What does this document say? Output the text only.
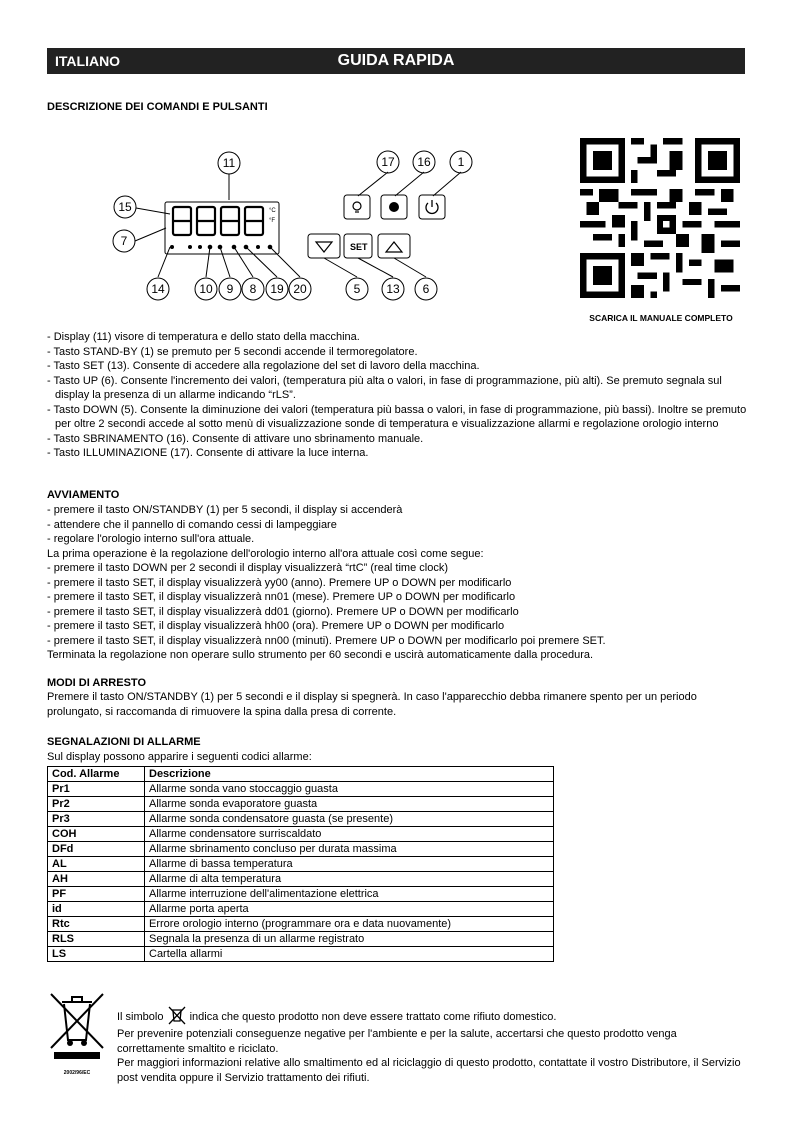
ITALIANO	GUIDA RAPIDA
DESCRIZIONE DEI COMANDI E PULSANTI
°C
°F
SET
11	17 16 1
15
7
14	10 9 8 19 20	5 13 6
SCARICA IL MANUALE COMPLETO
- Display (11) visore di temperatura e dello stato della macchina.
- Tasto STAND-BY (1) se premuto per 5 secondi accende il termoregolatore.
- Tasto SET (13). Consente di accedere alla regolazione del set di lavoro della macchina.
- Tasto UP (6). Consente l'incremento dei valori, (temperatura più alta o valori, in fase di programmazione, più alti). Se premuto segnala sul display la presenza di un allarme indicando “rLS”.
- Tasto DOWN (5). Consente la diminuzione dei valori (temperatura più bassa o valori, in fase di programmazione, più bassi). Inoltre se premuto per oltre 2 secondi accede al sotto menù di visualizzazione sonde di temperatura e visualizzazione allarmi e regolazione orologio interno
- Tasto SBRINAMENTO (16). Consente di attivare uno sbrinamento manuale.
- Tasto ILLUMINAZIONE (17). Consente di attivare la luce interna.
AVVIAMENTO
- premere il tasto ON/STANDBY (1) per 5 secondi, il display si accenderà
- attendere che il pannello di comando cessi di lampeggiare
- regolare l'orologio interno sull'ora attuale.
La prima operazione è la regolazione dell'orologio interno all'ora attuale così come segue:
- premere il tasto DOWN per 2 secondi il display visualizzerà “rtC” (real time clock)
- premere il tasto SET, il display visualizzerà yy00 (anno). Premere UP o DOWN per modificarlo
- premere il tasto SET, il display visualizzerà nn01 (mese). Premere UP o DOWN per modificarlo
- premere il tasto SET, il display visualizzerà dd01 (giorno). Premere UP o DOWN per modificarlo
- premere il tasto SET, il display visualizzerà hh00 (ora). Premere UP o DOWN per modificarlo
- premere il tasto SET, il display visualizzerà nn00 (minuti). Premere UP o DOWN per modificarlo poi premere SET.
Terminata la regolazione non operare sullo strumento per 60 secondi e uscirà automaticamente dalla procedura.
MODI DI ARRESTO
Premere il tasto ON/STANDBY (1) per 5 secondi e il display si spegnerà. In caso l'apparecchio debba rimanere spento per un periodo prolungato, si raccomanda di rimuovere la spina dalla presa di corrente.
SEGNALAZIONI DI ALLARME
Sul display possono apparire i seguenti codici allarme:
Cod. Allarme	Descrizione
Pr1	Allarme sonda vano stoccaggio guasta
Pr2	Allarme sonda evaporatore guasta
Pr3	Allarme sonda condensatore guasta (se presente)
COH	Allarme condensatore surriscaldato
DFd	Allarme sbrinamento concluso per durata massima
AL	Allarme di bassa temperatura
AH	Allarme di alta temperatura
PF	Allarme interruzione dell'alimentazione elettrica
id	Allarme porta aperta
Rtc	Errore orologio interno (programmare ora e data nuovamente)
RLS	Segnala la presenza di un allarme registrato
LS	Cartella allarmi
2002/96/EC

Il simbolo indica che questo prodotto non deve essere trattato come rifiuto domestico.

Per prevenire potenziali conseguenze negative per l'ambiente e per la salute, accertarsi che questo prodotto venga correttamente smaltito e riciclato.

Per maggiori informazioni relative allo smaltimento ed al riciclaggio di questo prodotto, contattate il vostro Distributore, il Servizio post vendita oppure il Servizio trattamento dei rifiuti.
